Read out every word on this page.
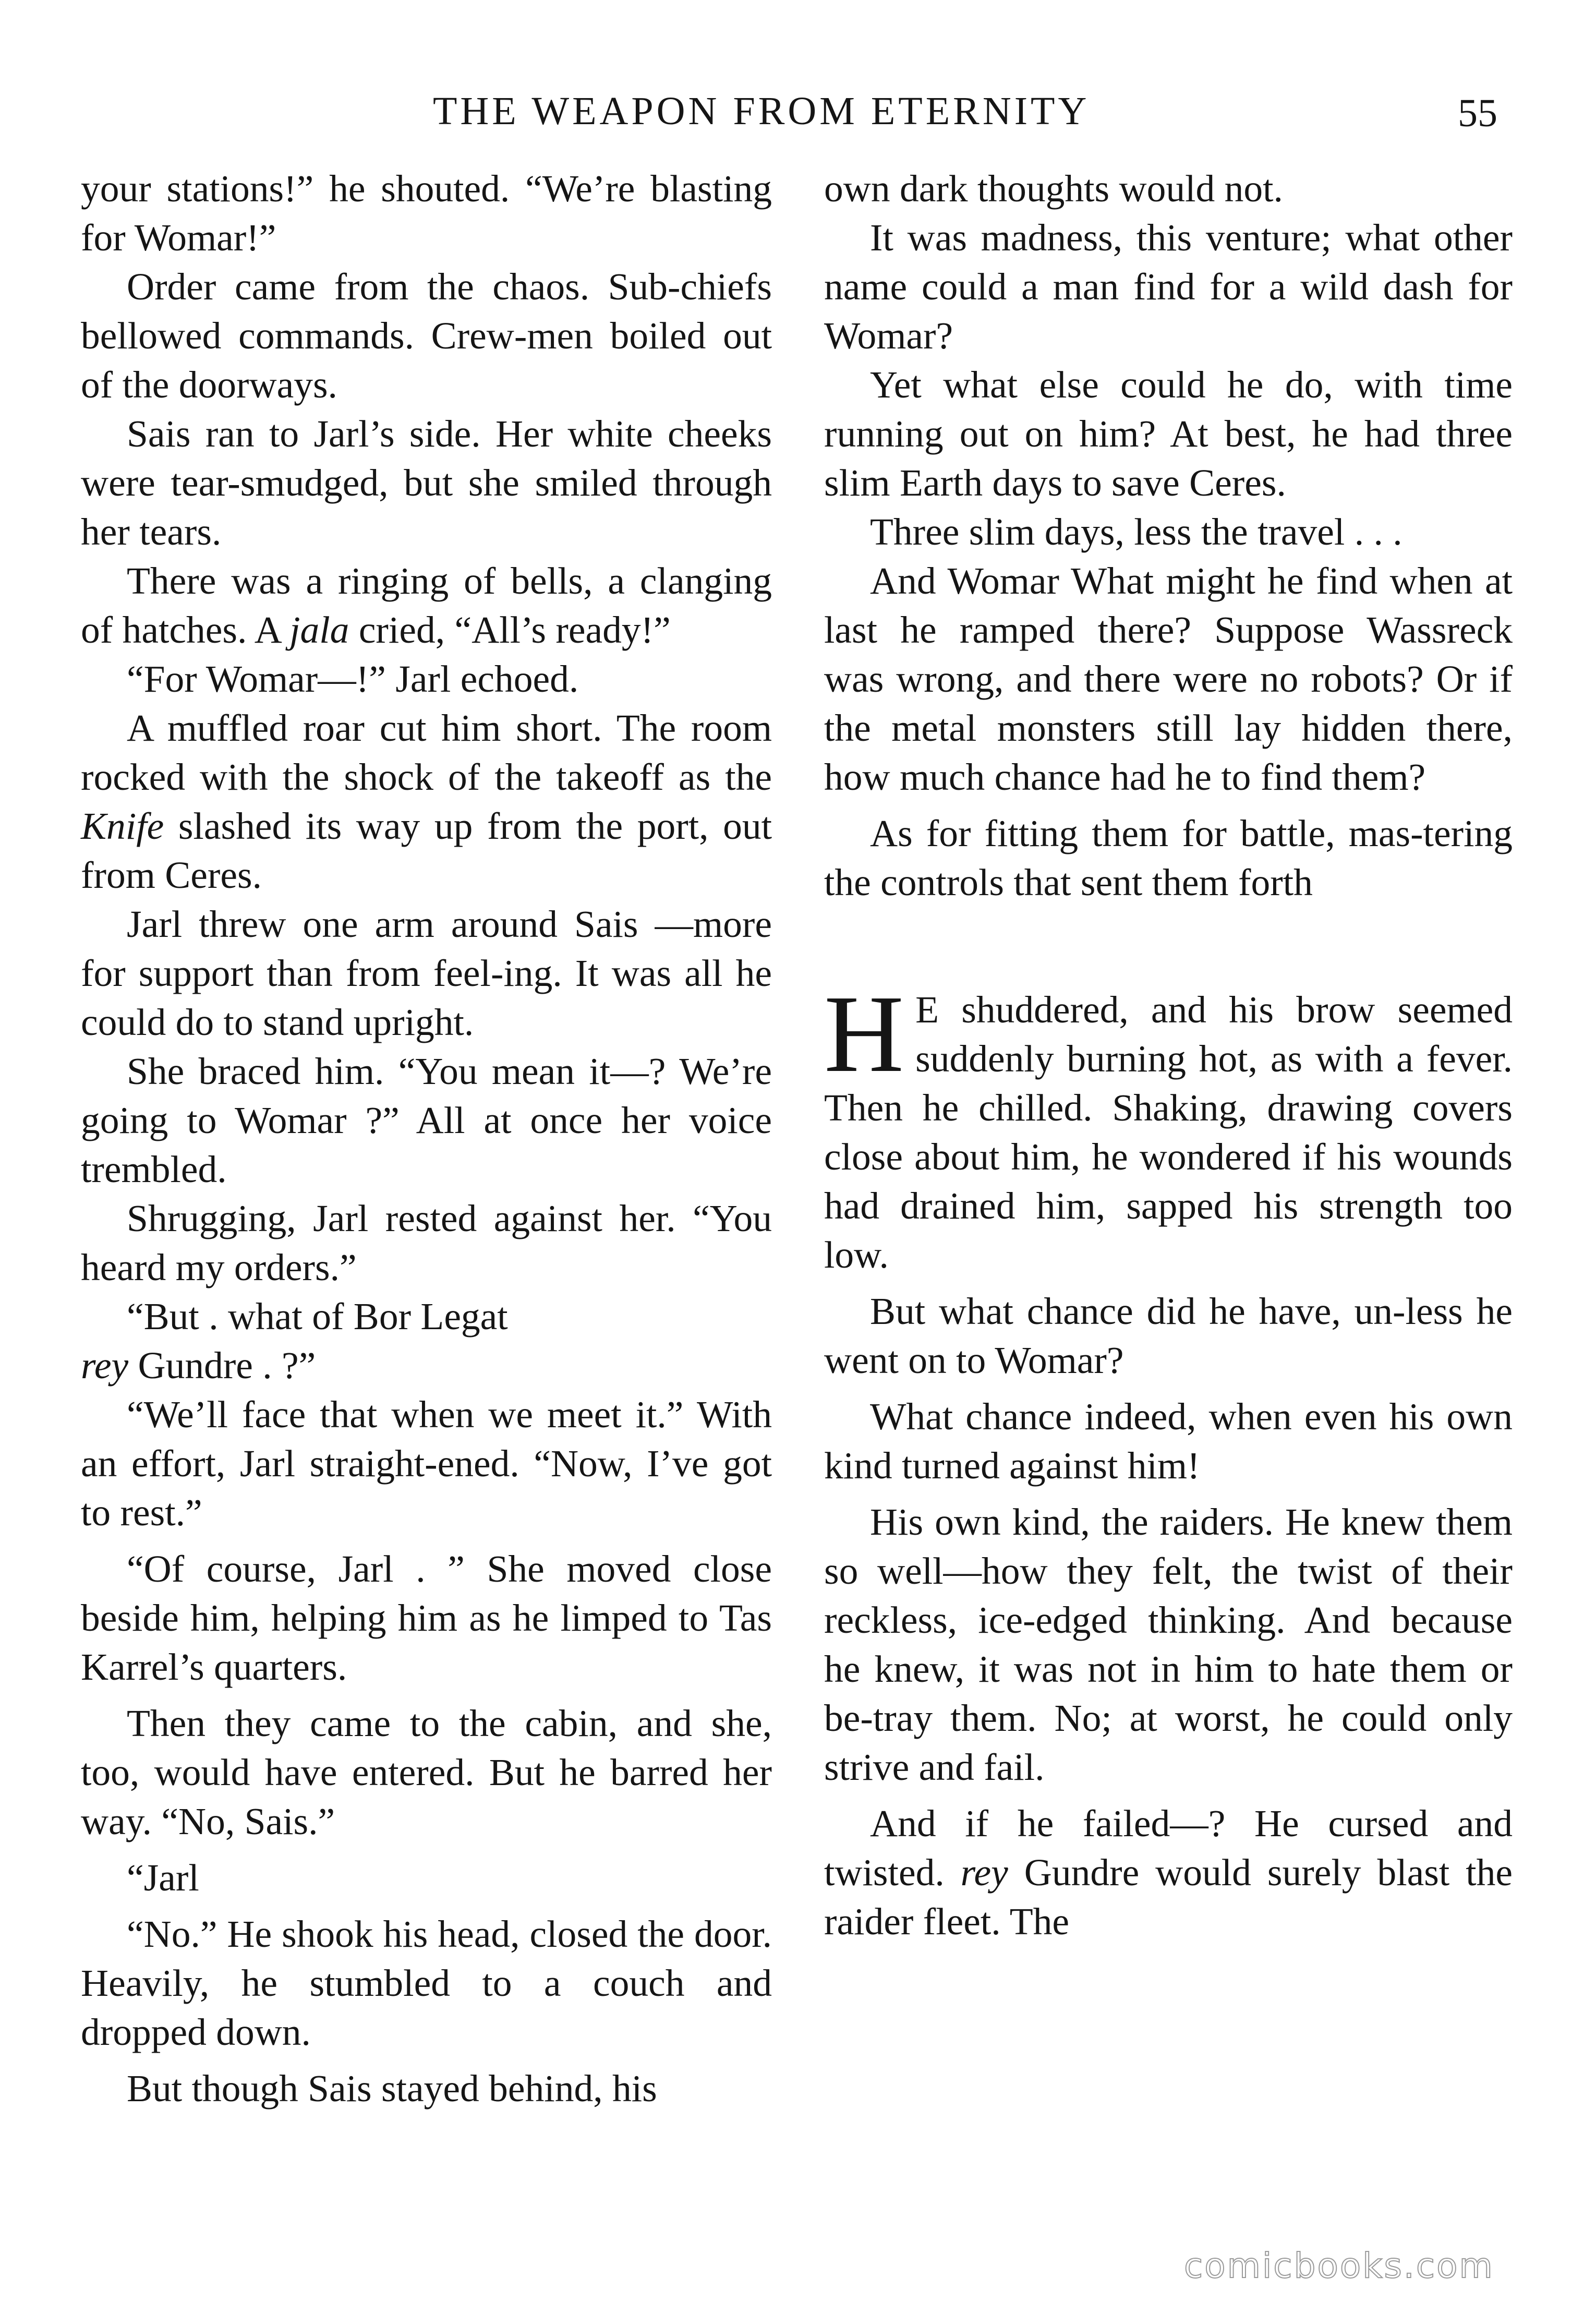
THE WEAPON FROM ETERNITY	55

your stations!” he shouted. “We’re blasting for Womar!”

Order came from the chaos. Sub-chiefs bellowed commands. Crew-men boiled out of the doorways.

Sais ran to Jarl’s side. Her white cheeks were tear-smudged, but she smiled through her tears.

There was a ringing of bells, a clanging of hatches. A jala cried, “All’s ready!”

“For Womar—!” Jarl echoed.

A muffled roar cut him short. The room rocked with the shock of the takeoff as the Knife slashed its way up from the port, out from Ceres.

Jarl threw one arm around Sais —more for support than from feel-ing. It was all he could do to stand upright.

She braced him. “You mean it—? We’re going to Womar ?” All at once her voice trembled.

Shrugging, Jarl rested against her. “You heard my orders.”

“But . what of Bor Legat
rey Gundre . ?”

“We’ll face that when we meet it.” With an effort, Jarl straight-ened. “Now, I’ve got to rest.”

“Of course, Jarl . ” She moved close beside him, helping him as he limped to Tas Karrel’s quarters.

Then they came to the cabin, and she, too, would have entered. But he barred her way. “No, Sais.”

“Jarl

“No.” He shook his head, closed the door. Heavily, he stumbled to a couch and dropped down.

But though Sais stayed behind, his

own dark thoughts would not.

It was madness, this venture; what other name could a man find for a wild dash for Womar?

Yet what else could he do, with time running out on him? At best, he had three slim Earth days to save Ceres.

Three slim days, less the travel . . .

And Womar What might he find when at last he ramped there? Suppose Wassreck was wrong, and there were no robots? Or if the metal monsters still lay hidden there, how much chance had he to find them?

As for fitting them for battle, mas-tering the controls that sent them forth

H E shuddered, and his brow seemed suddenly burning hot, as with a fever. Then he chilled. Shaking, drawing covers close about him, he wondered if his wounds had drained him, sapped his strength too low.

But what chance did he have, un-less he went on to Womar?

What chance indeed, when even his own kind turned against him!

His own kind, the raiders. He knew them so well—how they felt, the twist of their reckless, ice-edged thinking. And because he knew, it was not in him to hate them or be-tray them. No; at worst, he could only strive and fail.

And if he failed—? He cursed and twisted. rey Gundre would surely blast the raider fleet. The

comicbooks.com
